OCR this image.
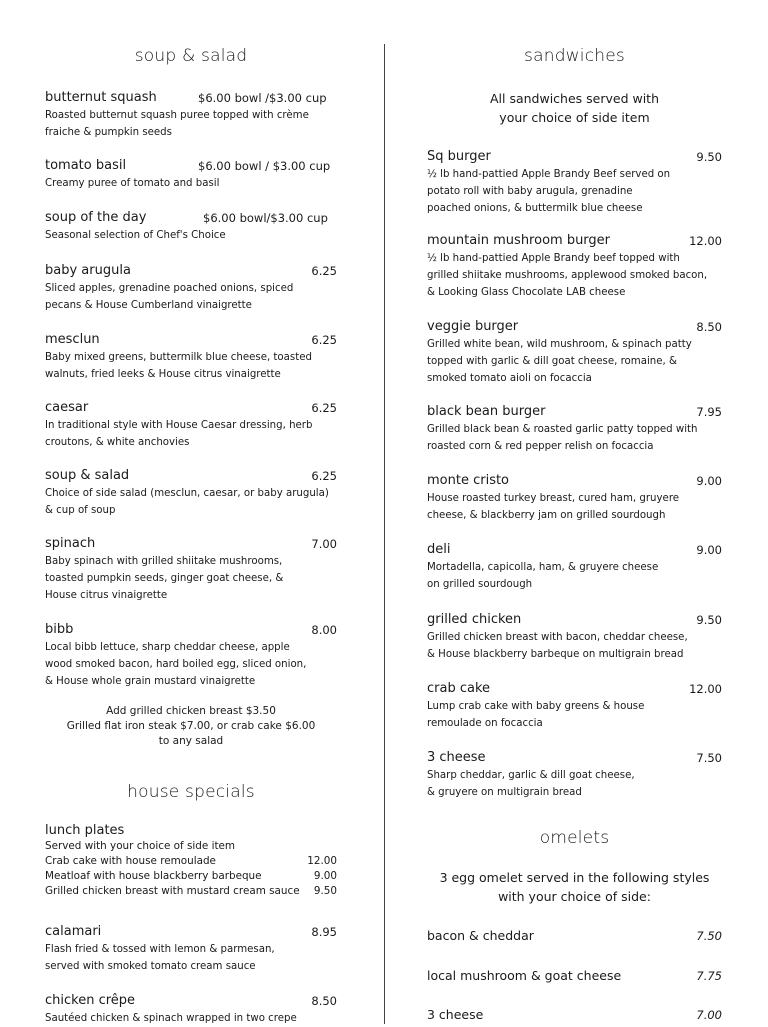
soup & salad
butternut squash	$6.00 bowl /$3.00 cup
Roasted butternut squash puree topped with crème
fraiche & pumpkin seeds
tomato basil	$6.00 bowl / $3.00 cup
Creamy puree of tomato and basil
soup of the day	$6.00 bowl/$3.00 cup
Seasonal selection of Chef's Choice
baby arugula	6.25
Sliced apples, grenadine poached onions, spiced
pecans & House Cumberland vinaigrette
mesclun	6.25
Baby mixed greens, buttermilk blue cheese, toasted
walnuts, fried leeks & House citrus vinaigrette
caesar	6.25
In traditional style with House Caesar dressing, herb
croutons, & white anchovies
soup & salad	6.25
Choice of side salad (mesclun, caesar, or baby arugula)
& cup of soup
spinach	7.00
Baby spinach with grilled shiitake mushrooms,
toasted pumpkin seeds, ginger goat cheese, &
House citrus vinaigrette
bibb	8.00
Local bibb lettuce, sharp cheddar cheese, apple
wood smoked bacon, hard boiled egg, sliced onion,
& House whole grain mustard vinaigrette
Add grilled chicken breast $3.50
Grilled flat iron steak $7.00, or crab cake $6.00
to any salad
house specials
lunch plates
Served with your choice of side item
Crab cake with house remoulade	12.00
Meatloaf with house blackberry barbeque	9.00
Grilled chicken breast with mustard cream sauce 9.50
calamari	8.95
Flash fried & tossed with lemon & parmesan,
served with smoked tomato cream sauce
chicken crêpe	8.50
Sautéed chicken & spinach wrapped in two crepe
sandwiches
All sandwiches served with
your choice of side item
Sq burger	9.50
½ lb hand-pattied Apple Brandy Beef served on
potato roll with baby arugula, grenadine
poached onions, & buttermilk blue cheese
mountain mushroom burger	12.00
½ lb hand-pattied Apple Brandy beef topped with
grilled shiitake mushrooms, applewood smoked bacon,
& Looking Glass Chocolate LAB cheese
veggie burger	8.50
Grilled white bean, wild mushroom, & spinach patty
topped with garlic & dill goat cheese, romaine, &
smoked tomato aioli on focaccia
black bean burger	7.95
Grilled black bean & roasted garlic patty topped with
roasted corn & red pepper relish on focaccia
monte cristo	9.00
House roasted turkey breast, cured ham, gruyere
cheese, & blackberry jam on grilled sourdough
deli	9.00
Mortadella, capicolla, ham, & gruyere cheese
on grilled sourdough
grilled chicken	9.50
Grilled chicken breast with bacon, cheddar cheese,
& House blackberry barbeque on multigrain bread
crab cake	12.00
Lump crab cake with baby greens & house
remoulade on focaccia
3 cheese	7.50
Sharp cheddar, garlic & dill goat cheese,
& gruyere on multigrain bread
omelets
3 egg omelet served in the following styles
with your choice of side:
bacon & cheddar	7.50
local mushroom & goat cheese	7.75
3 cheese	7.00
